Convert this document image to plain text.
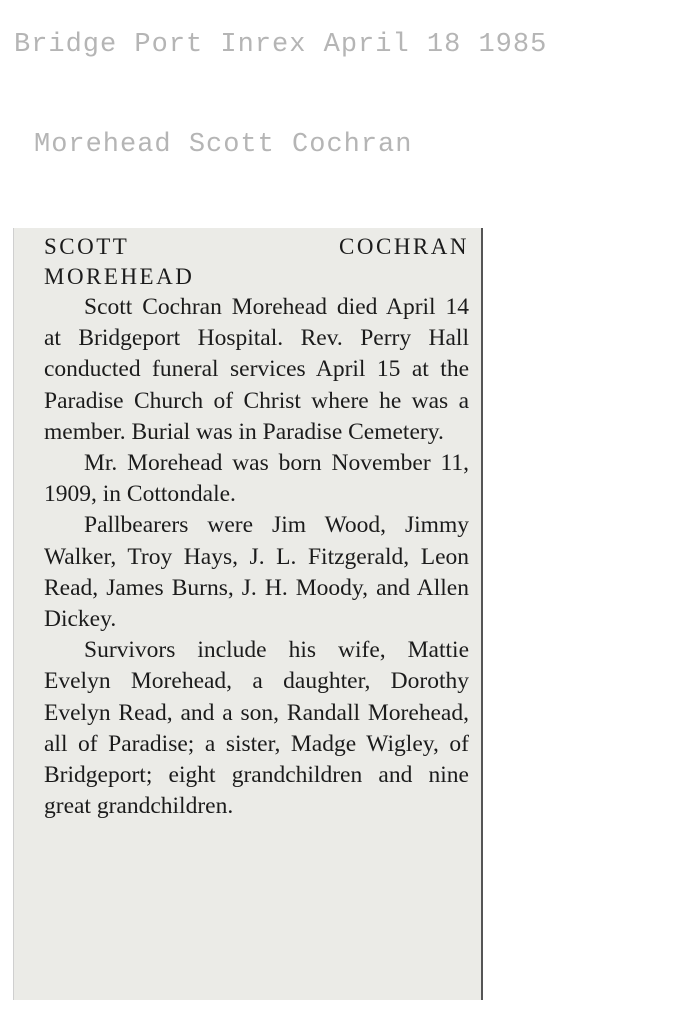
Bridge Port Inrex April 18 1985

Morehead Scott Cochran

SCOTT	COCHRAN
MOREHEAD

Scott Cochran Morehead died April 14 at Bridgeport Hospital. Rev. Perry Hall conducted funeral services April 15 at the Paradise Church of Christ where he was a member. Burial was in Paradise Cemetery.

Mr. Morehead was born November 11, 1909, in Cottondale.

Pallbearers were Jim Wood, Jimmy Walker, Troy Hays, J. L. Fitzgerald, Leon Read, James Burns, J. H. Moody, and Allen Dickey.

Survivors include his wife, Mattie Evelyn Morehead, a daughter, Dorothy Evelyn Read, and a son, Randall Morehead, all of Paradise; a sister, Madge Wigley, of Bridgeport; eight grandchildren and nine great grandchildren.
